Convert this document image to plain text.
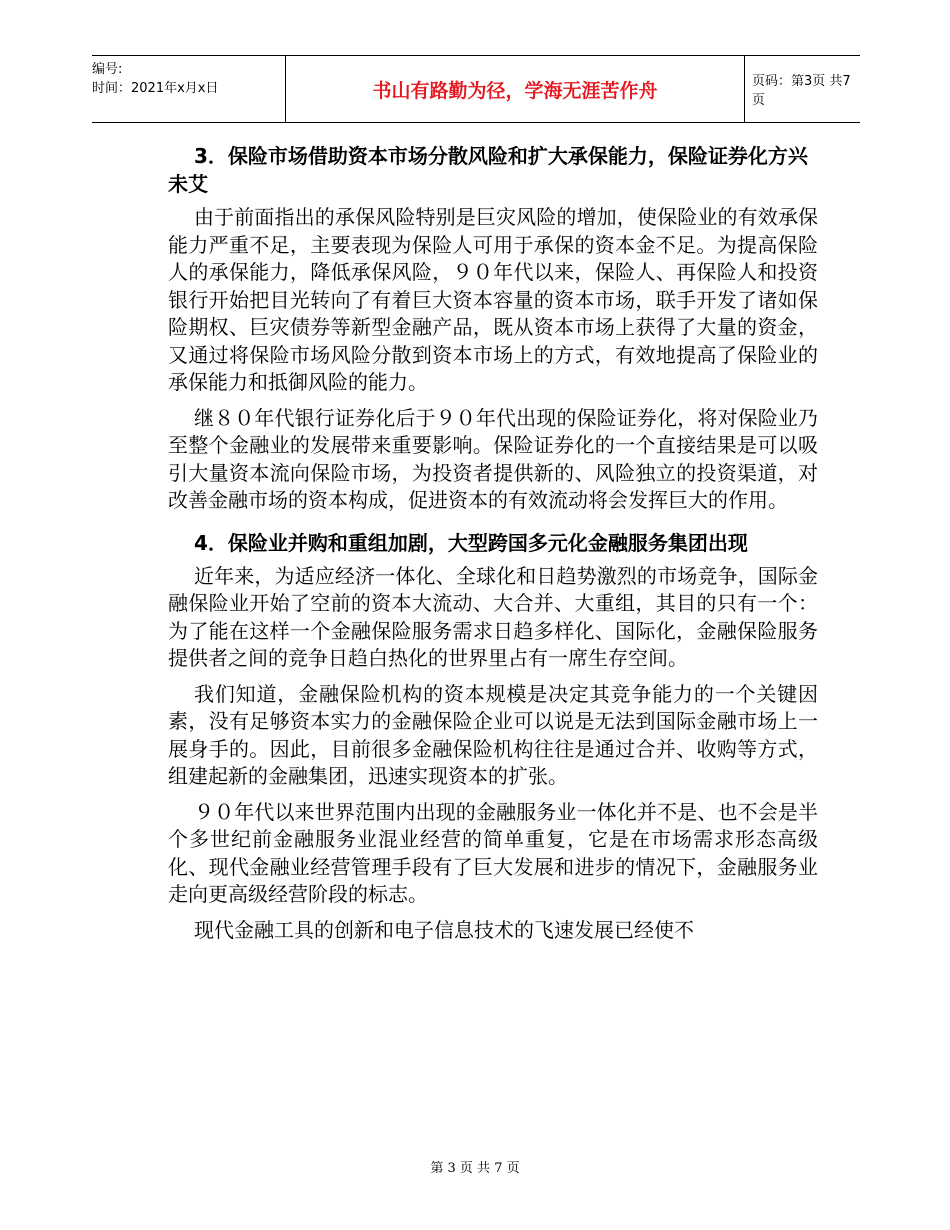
编号:
时间：2021年x月x日	书山有路勤为径，学海无涯苦作舟	页码：第3页 共7页
3．保险市场借助资本市场分散风险和扩大承保能力，保险证券化方兴未艾

由于前面指出的承保风险特别是巨灾风险的增加，使保险业的有效承保能力严重不足，主要表现为保险人可用于承保的资本金不足。为提高保险人的承保能力，降低承保风险，９０年代以来，保险人、再保险人和投资银行开始把目光转向了有着巨大资本容量的资本市场，联手开发了诸如保险期权、巨灾债券等新型金融产品，既从资本市场上获得了大量的资金，又通过将保险市场风险分散到资本市场上的方式，有效地提高了保险业的承保能力和抵御风险的能力。

继８０年代银行证券化后于９０年代出现的保险证券化，将对保险业乃至整个金融业的发展带来重要影响。保险证券化的一个直接结果是可以吸引大量资本流向保险市场，为投资者提供新的、风险独立的投资渠道，对改善金融市场的资本构成，促进资本的有效流动将会发挥巨大的作用。

4．保险业并购和重组加剧，大型跨国多元化金融服务集团出现

近年来，为适应经济一体化、全球化和日趋势激烈的市场竞争，国际金融保险业开始了空前的资本大流动、大合并、大重组，其目的只有一个：为了能在这样一个金融保险服务需求日趋多样化、国际化，金融保险服务提供者之间的竞争日趋白热化的世界里占有一席生存空间。

我们知道，金融保险机构的资本规模是决定其竞争能力的一个关键因素，没有足够资本实力的金融保险企业可以说是无法到国际金融市场上一展身手的。因此，目前很多金融保险机构往往是通过合并、收购等方式，组建起新的金融集团，迅速实现资本的扩张。

９０年代以来世界范围内出现的金融服务业一体化并不是、也不会是半个多世纪前金融服务业混业经营的简单重复，它是在市场需求形态高级化、现代金融业经营管理手段有了巨大发展和进步的情况下，金融服务业走向更高级经营阶段的标志。

现代金融工具的创新和电子信息技术的飞速发展已经使不

第 3 页 共 7 页
